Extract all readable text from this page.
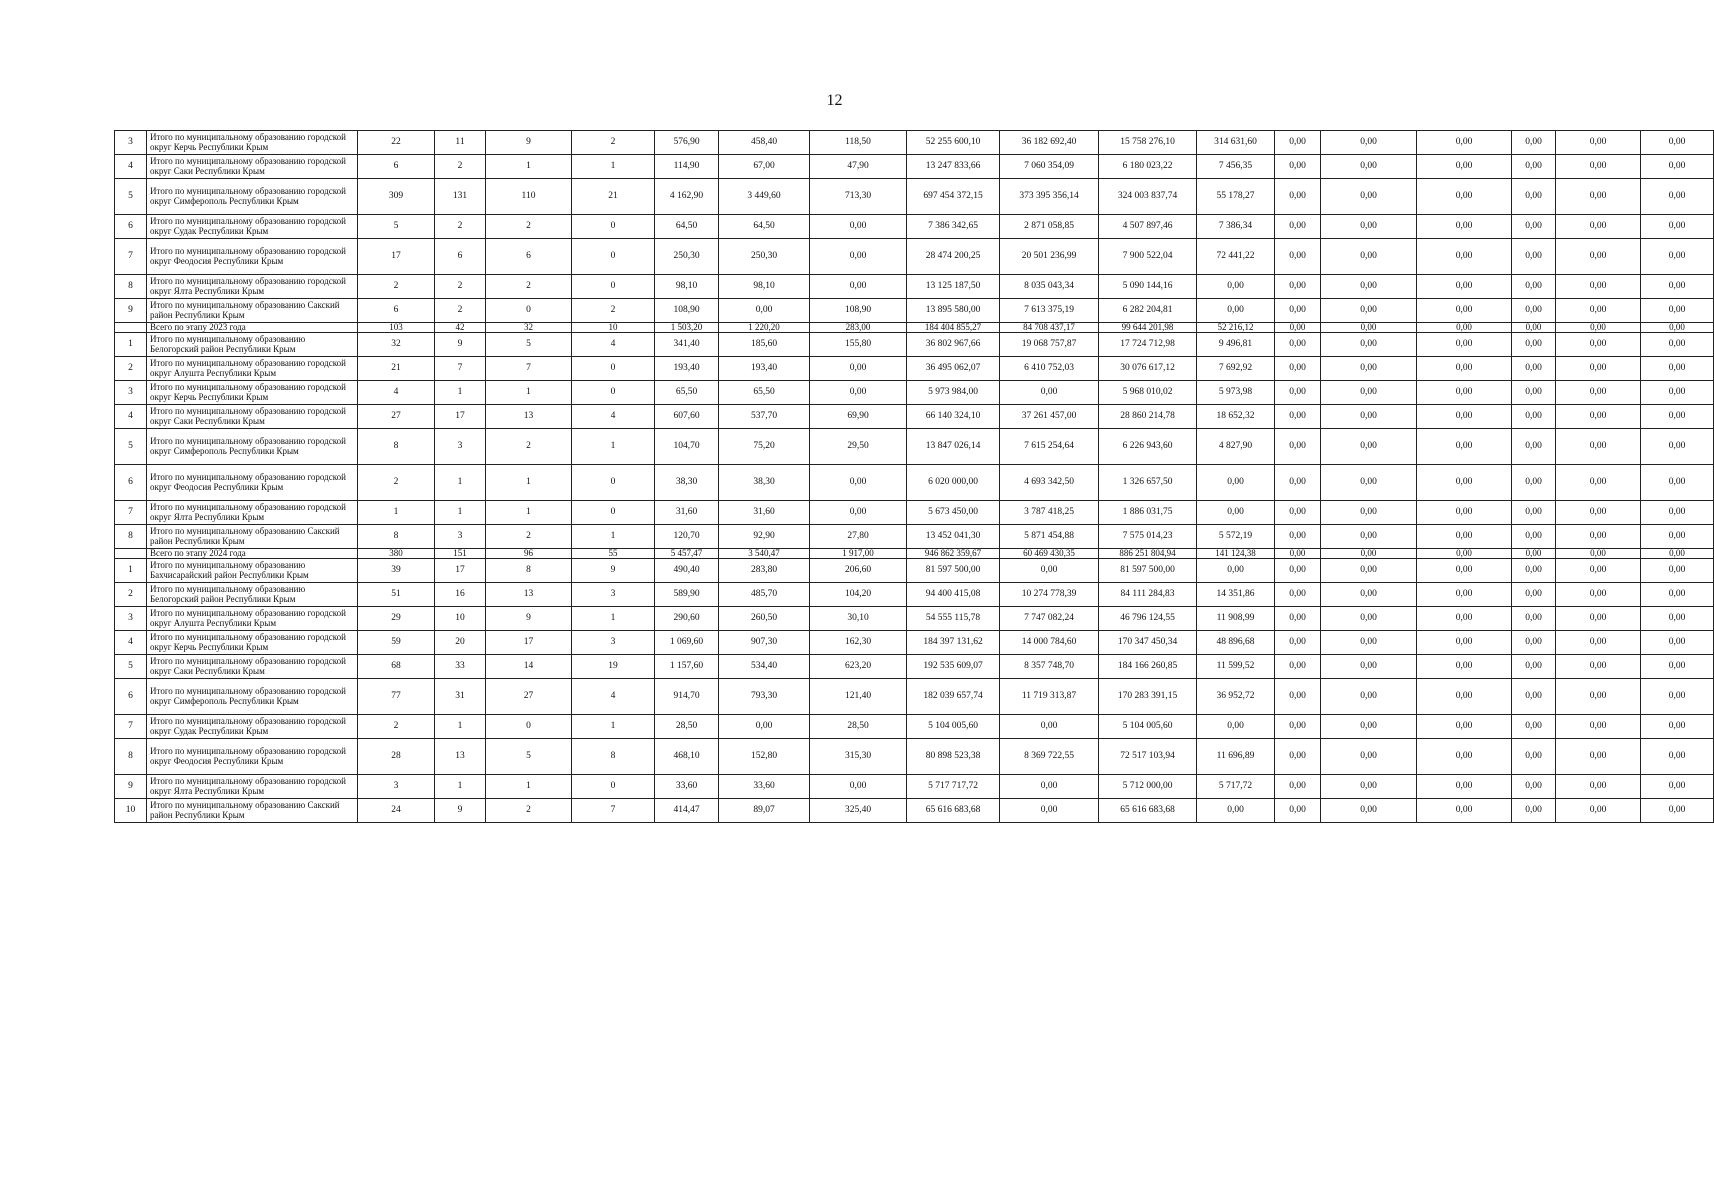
12
3	Итого по муниципальному образованию городской округ Керчь Республики Крым	22	11	9	2	576,90	458,40	118,50	52 255 600,10	36 182 692,40	15 758 276,10	314 631,60	0,00	0,00	0,00	0,00	0,00	0,00
4	Итого по муниципальному образованию городской округ Саки Республики Крым	6	2	1	1	114,90	67,00	47,90	13 247 833,66	7 060 354,09	6 180 023,22	7 456,35	0,00	0,00	0,00	0,00	0,00	0,00
5	Итого по муниципальному образованию городской округ Симферополь Республики Крым	309	131	110	21	4 162,90	3 449,60	713,30	697 454 372,15	373 395 356,14	324 003 837,74	55 178,27	0,00	0,00	0,00	0,00	0,00	0,00
6	Итого по муниципальному образованию городской округ Судак Республики Крым	5	2	2	0	64,50	64,50	0,00	7 386 342,65	2 871 058,85	4 507 897,46	7 386,34	0,00	0,00	0,00	0,00	0,00	0,00
7	Итого по муниципальному образованию городской округ Феодосия Республики Крым	17	6	6	0	250,30	250,30	0,00	28 474 200,25	20 501 236,99	7 900 522,04	72 441,22	0,00	0,00	0,00	0,00	0,00	0,00
8	Итого по муниципальному образованию городской округ Ялта Республики Крым	2	2	2	0	98,10	98,10	0,00	13 125 187,50	8 035 043,34	5 090 144,16	0,00	0,00	0,00	0,00	0,00	0,00	0,00
9	Итого по муниципальному образованию Сакский район Республики Крым	6	2	0	2	108,90	0,00	108,90	13 895 580,00	7 613 375,19	6 282 204,81	0,00	0,00	0,00	0,00	0,00	0,00	0,00
	Всего по этапу 2023 года	103	42	32	10	1 503,20	1 220,20	283,00	184 404 855,27	84 708 437,17	99 644 201,98	52 216,12	0,00	0,00	0,00	0,00	0,00	0,00
1	Итого по муниципальному образованию Белогорский район Республики Крым	32	9	5	4	341,40	185,60	155,80	36 802 967,66	19 068 757,87	17 724 712,98	9 496,81	0,00	0,00	0,00	0,00	0,00	0,00
2	Итого по муниципальному образованию городской округ Алушта Республики Крым	21	7	7	0	193,40	193,40	0,00	36 495 062,07	6 410 752,03	30 076 617,12	7 692,92	0,00	0,00	0,00	0,00	0,00	0,00
3	Итого по муниципальному образованию городской округ Керчь Республики Крым	4	1	1	0	65,50	65,50	0,00	5 973 984,00	0,00	5 968 010,02	5 973,98	0,00	0,00	0,00	0,00	0,00	0,00
4	Итого по муниципальному образованию городской округ Саки Республики Крым	27	17	13	4	607,60	537,70	69,90	66 140 324,10	37 261 457,00	28 860 214,78	18 652,32	0,00	0,00	0,00	0,00	0,00	0,00
5	Итого по муниципальному образованию городской округ Симферополь Республики Крым	8	3	2	1	104,70	75,20	29,50	13 847 026,14	7 615 254,64	6 226 943,60	4 827,90	0,00	0,00	0,00	0,00	0,00	0,00
6	Итого по муниципальному образованию городской округ Феодосия Республики Крым	2	1	1	0	38,30	38,30	0,00	6 020 000,00	4 693 342,50	1 326 657,50	0,00	0,00	0,00	0,00	0,00	0,00	0,00
7	Итого по муниципальному образованию городской округ Ялта Республики Крым	1	1	1	0	31,60	31,60	0,00	5 673 450,00	3 787 418,25	1 886 031,75	0,00	0,00	0,00	0,00	0,00	0,00	0,00
8	Итого по муниципальному образованию Сакский район Республики Крым	8	3	2	1	120,70	92,90	27,80	13 452 041,30	5 871 454,88	7 575 014,23	5 572,19	0,00	0,00	0,00	0,00	0,00	0,00
	Всего по этапу 2024 года	380	151	96	55	5 457,47	3 540,47	1 917,00	946 862 359,67	60 469 430,35	886 251 804,94	141 124,38	0,00	0,00	0,00	0,00	0,00	0,00
1	Итого по муниципальному образованию Бахчисарайский район Республики Крым	39	17	8	9	490,40	283,80	206,60	81 597 500,00	0,00	81 597 500,00	0,00	0,00	0,00	0,00	0,00	0,00	0,00
2	Итого по муниципальному образованию Белогорский район Республики Крым	51	16	13	3	589,90	485,70	104,20	94 400 415,08	10 274 778,39	84 111 284,83	14 351,86	0,00	0,00	0,00	0,00	0,00	0,00
3	Итого по муниципальному образованию городской округ Алушта Республики Крым	29	10	9	1	290,60	260,50	30,10	54 555 115,78	7 747 082,24	46 796 124,55	11 908,99	0,00	0,00	0,00	0,00	0,00	0,00
4	Итого по муниципальному образованию городской округ Керчь Республики Крым	59	20	17	3	1 069,60	907,30	162,30	184 397 131,62	14 000 784,60	170 347 450,34	48 896,68	0,00	0,00	0,00	0,00	0,00	0,00
5	Итого по муниципальному образованию городской округ Саки Республики Крым	68	33	14	19	1 157,60	534,40	623,20	192 535 609,07	8 357 748,70	184 166 260,85	11 599,52	0,00	0,00	0,00	0,00	0,00	0,00
6	Итого по муниципальному образованию городской округ Симферополь Республики Крым	77	31	27	4	914,70	793,30	121,40	182 039 657,74	11 719 313,87	170 283 391,15	36 952,72	0,00	0,00	0,00	0,00	0,00	0,00
7	Итого по муниципальному образованию городской округ Судак Республики Крым	2	1	0	1	28,50	0,00	28,50	5 104 005,60	0,00	5 104 005,60	0,00	0,00	0,00	0,00	0,00	0,00	0,00
8	Итого по муниципальному образованию городской округ Феодосия Республики Крым	28	13	5	8	468,10	152,80	315,30	80 898 523,38	8 369 722,55	72 517 103,94	11 696,89	0,00	0,00	0,00	0,00	0,00	0,00
9	Итого по муниципальному образованию городской округ Ялта Республики Крым	3	1	1	0	33,60	33,60	0,00	5 717 717,72	0,00	5 712 000,00	5 717,72	0,00	0,00	0,00	0,00	0,00	0,00
10	Итого по муниципальному образованию Сакский район Республики Крым	24	9	2	7	414,47	89,07	325,40	65 616 683,68	0,00	65 616 683,68	0,00	0,00	0,00	0,00	0,00	0,00	0,00
